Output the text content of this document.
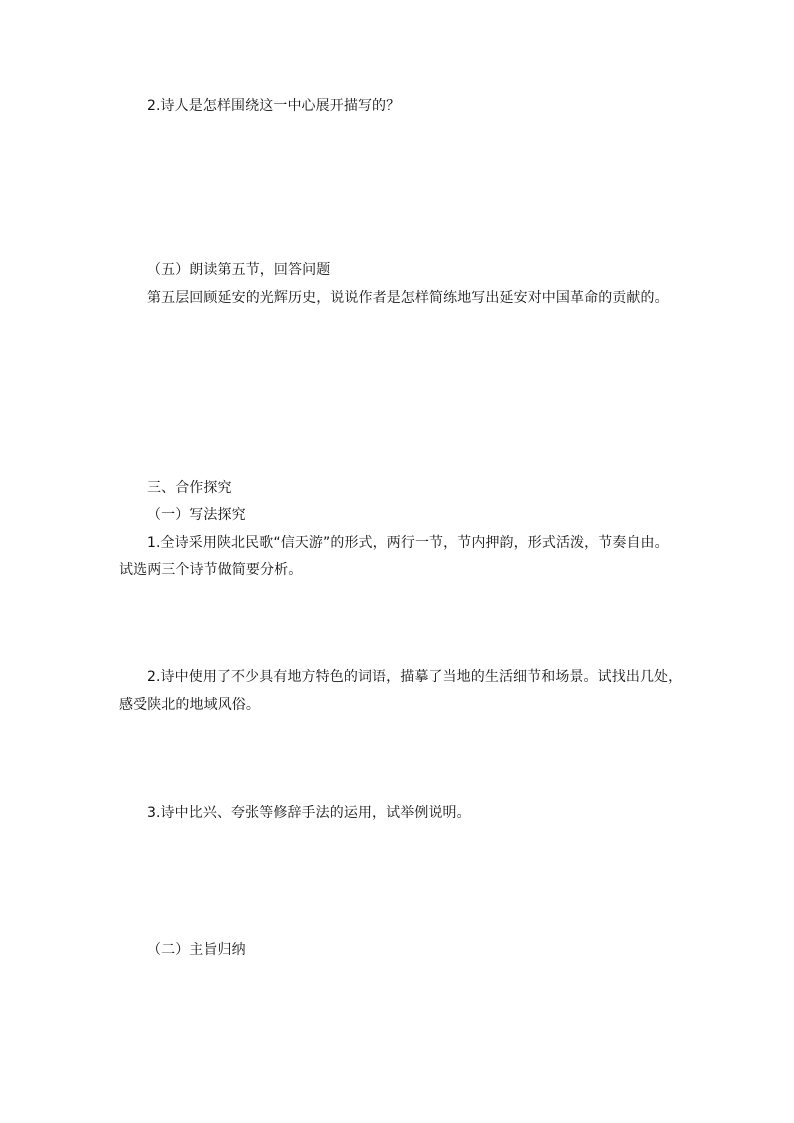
2.诗人是怎样围绕这一中心展开描写的？
（五）朗读第五节，回答问题
第五层回顾延安的光辉历史，说说作者是怎样简练地写出延安对中国革命的贡献的。
三、合作探究
（一）写法探究
1.全诗采用陕北民歌“信天游”的形式，两行一节，节内押韵，形式活泼，节奏自由。
试选两三个诗节做简要分析。
2.诗中使用了不少具有地方特色的词语，描摹了当地的生活细节和场景。试找出几处，
感受陕北的地域风俗。
3.诗中比兴、夸张等修辞手法的运用，试举例说明。
（二）主旨归纳
